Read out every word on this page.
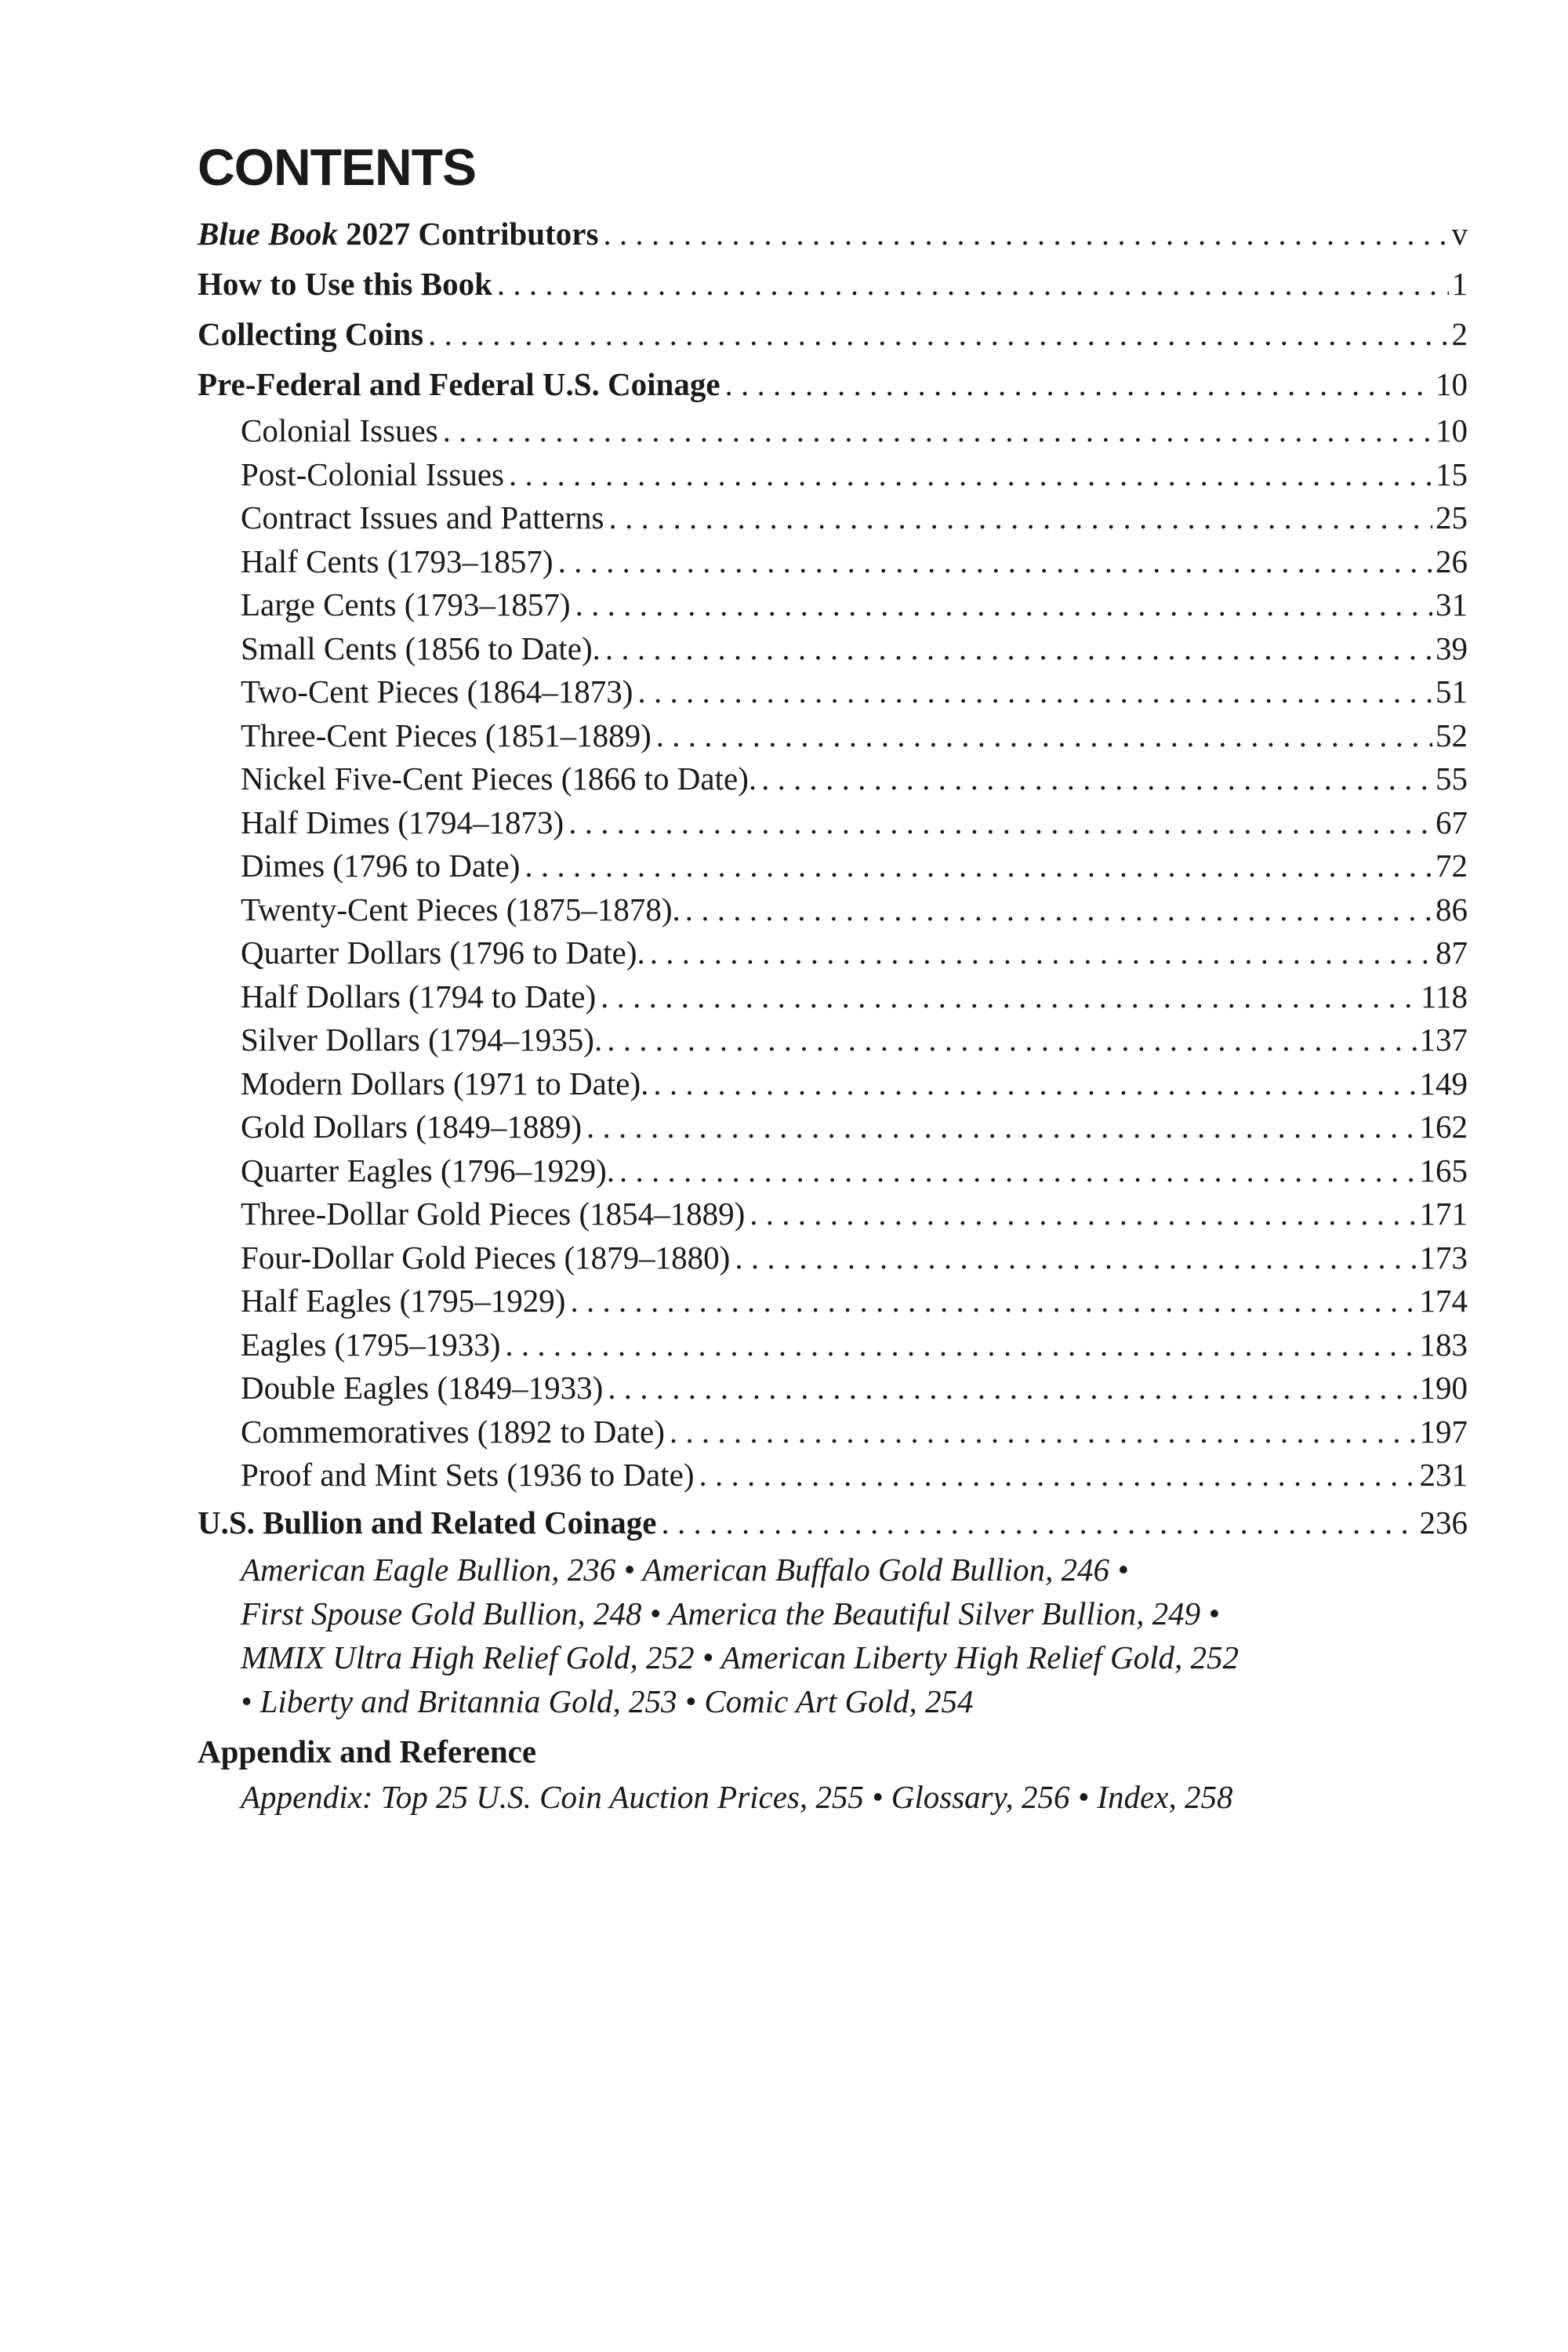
CONTENTS
Blue Book 2027 Contributors . . .	v
How to Use this Book . . .	1
Collecting Coins . . .	2
Pre-Federal and Federal U.S. Coinage . . .	10
Colonial Issues . . .	10
Post-Colonial Issues . . .	15
Contract Issues and Patterns . . .	25
Half Cents (1793–1857) . . .	26
Large Cents (1793–1857) . . .	31
Small Cents (1856 to Date). . . .	39
Two-Cent Pieces (1864–1873) . . .	51
Three-Cent Pieces (1851–1889) . . .	52
Nickel Five-Cent Pieces (1866 to Date). . . .	55
Half Dimes (1794–1873) . . .	67
Dimes (1796 to Date) . . .	72
Twenty-Cent Pieces (1875–1878). . . .	86
Quarter Dollars (1796 to Date). . . .	87
Half Dollars (1794 to Date) . . .	118
Silver Dollars (1794–1935). . . .	137
Modern Dollars (1971 to Date). . . .	149
Gold Dollars (1849–1889) . . .	162
Quarter Eagles (1796–1929). . . .	165
Three-Dollar Gold Pieces (1854–1889) . . .	171
Four-Dollar Gold Pieces (1879–1880) . . .	173
Half Eagles (1795–1929) . . .	174
Eagles (1795–1933) . . .	183
Double Eagles (1849–1933) . . .	190
Commemoratives (1892 to Date) . . .	197
Proof and Mint Sets (1936 to Date) . . .	231
U.S. Bullion and Related Coinage . . .	236
American Eagle Bullion, 236 • American Buffalo Gold Bullion, 246 •
First Spouse Gold Bullion, 248 • America the Beautiful Silver Bullion, 249 •
MMIX Ultra High Relief Gold, 252 • American Liberty High Relief Gold, 252
• Liberty and Britannia Gold, 253 • Comic Art Gold, 254
Appendix and Reference
Appendix: Top 25 U.S. Coin Auction Prices, 255 • Glossary, 256 • Index, 258
